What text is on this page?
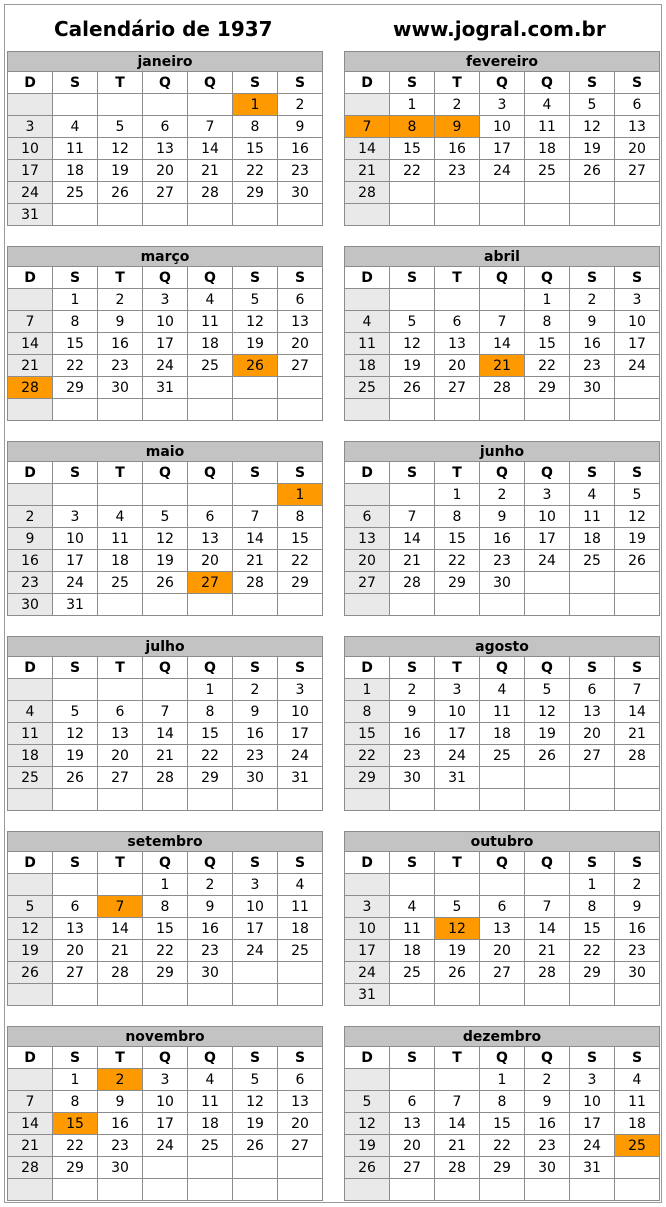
Calendário de 1937	www.jogral.com.br
janeiro						
D	S	T	Q	Q	S	S
					1	2
3	4	5	6	7	8	9
10	11	12	13	14	15	16
17	18	19	20	21	22	23
24	25	26	27	28	29	30
31						
fevereiro						
D	S	T	Q	Q	S	S
	1	2	3	4	5	6
7	8	9	10	11	12	13
14	15	16	17	18	19	20
21	22	23	24	25	26	27
28						

março						
D	S	T	Q	Q	S	S
	1	2	3	4	5	6
7	8	9	10	11	12	13
14	15	16	17	18	19	20
21	22	23	24	25	26	27
28	29	30	31			

abril						
D	S	T	Q	Q	S	S
				1	2	3
4	5	6	7	8	9	10
11	12	13	14	15	16	17
18	19	20	21	22	23	24
25	26	27	28	29	30	

maio						
D	S	T	Q	Q	S	S
						1
2	3	4	5	6	7	8
9	10	11	12	13	14	15
16	17	18	19	20	21	22
23	24	25	26	27	28	29
30	31					
junho						
D	S	T	Q	Q	S	S
		1	2	3	4	5
6	7	8	9	10	11	12
13	14	15	16	17	18	19
20	21	22	23	24	25	26
27	28	29	30			

julho						
D	S	T	Q	Q	S	S
				1	2	3
4	5	6	7	8	9	10
11	12	13	14	15	16	17
18	19	20	21	22	23	24
25	26	27	28	29	30	31

agosto						
D	S	T	Q	Q	S	S
1	2	3	4	5	6	7
8	9	10	11	12	13	14
15	16	17	18	19	20	21
22	23	24	25	26	27	28
29	30	31				

setembro						
D	S	T	Q	Q	S	S
			1	2	3	4
5	6	7	8	9	10	11
12	13	14	15	16	17	18
19	20	21	22	23	24	25
26	27	28	29	30		

outubro						
D	S	T	Q	Q	S	S
					1	2
3	4	5	6	7	8	9
10	11	12	13	14	15	16
17	18	19	20	21	22	23
24	25	26	27	28	29	30
31						
novembro						
D	S	T	Q	Q	S	S
	1	2	3	4	5	6
7	8	9	10	11	12	13
14	15	16	17	18	19	20
21	22	23	24	25	26	27
28	29	30				

dezembro						
D	S	T	Q	Q	S	S
			1	2	3	4
5	6	7	8	9	10	11
12	13	14	15	16	17	18
19	20	21	22	23	24	25
26	27	28	29	30	31	
